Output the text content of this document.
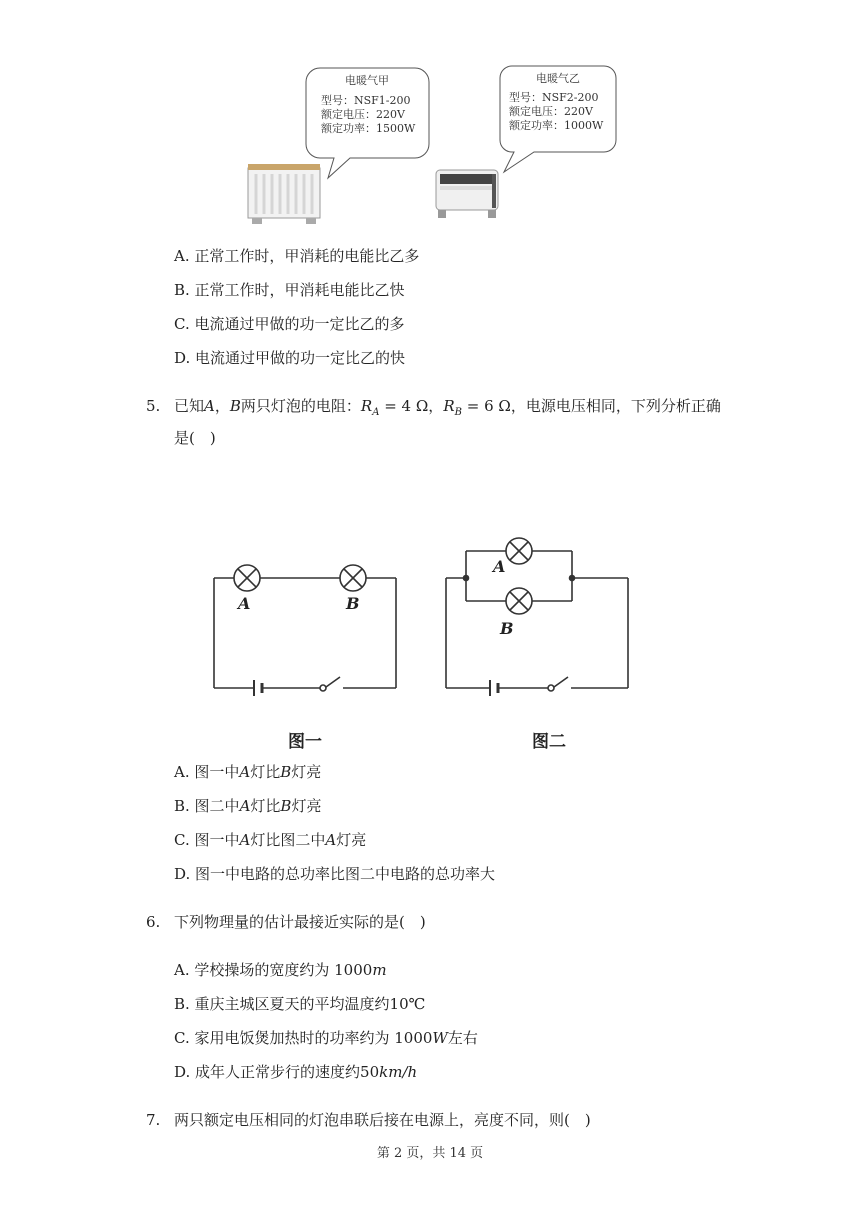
电暖气甲
型号：NSF1-200
额定电压：220V
额定功率：1500W
电暖气乙
型号：NSF2-200
额定电压：220V
额定功率：1000W
A. 正常工作时，甲消耗的电能比乙多
B. 正常工作时，甲消耗电能比乙快
C. 电流通过甲做的功一定比乙的多
D. 电流通过甲做的功一定比乙的快
5. 已知A，B两只灯泡的电阻：$R_A = 4$ Ω，$R_B = 6$ Ω，电源电压相同，下列分析正确
是(　)
A	B
A
B
图一	图二
A. 图一中A灯比B灯亮
B. 图二中A灯比B灯亮
C. 图一中A灯比图二中A灯亮
D. 图一中电路的总功率比图二中电路的总功率大
6. 下列物理量的估计最接近实际的是(　)
A. 学校操场的宽度约为 1000m
B. 重庆主城区夏天的平均温度约10℃
C. 家用电饭煲加热时的功率约为 1000W左右
D. 成年人正常步行的速度约50km/h
7. 两只额定电压相同的灯泡串联后接在电源上，亮度不同，则(　)
第 2 页，共 14 页
